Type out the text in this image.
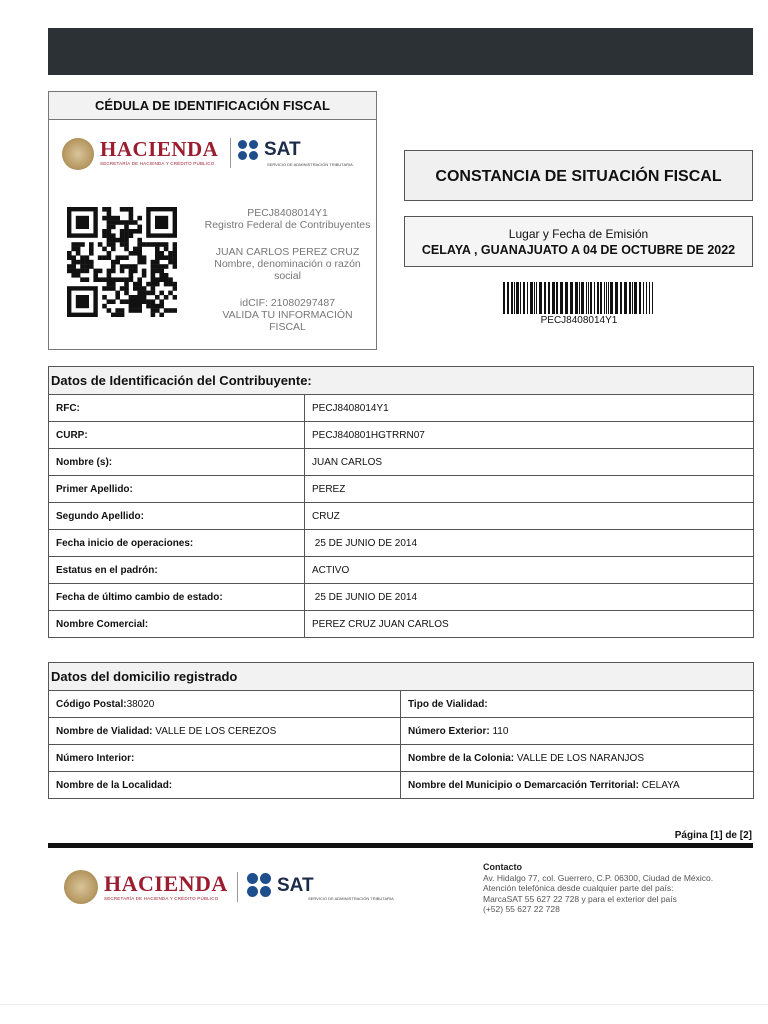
CÉDULA DE IDENTIFICACIÓN FISCAL
HACIENDA
SECRETARÍA DE HACIENDA Y CRÉDITO PÚBLICO
SAT
SERVICIO DE ADMINISTRACIÓN TRIBUTARIA
PECJ8408014Y1
Registro Federal de Contribuyentes
JUAN CARLOS PEREZ CRUZ
Nombre, denominación o razón
social
idCIF: 21080297487
VALIDA TU INFORMACIÓN
FISCAL
CONSTANCIA DE SITUACIÓN FISCAL
Lugar y Fecha de Emisión
CELAYA , GUANAJUATO A 04 DE OCTUBRE DE 2022
PECJ8408014Y1
Datos de Identificación del Contribuyente:	
RFC:	PECJ8408014Y1
CURP:	PECJ840801HGTRRN07
Nombre (s):	JUAN CARLOS
Primer Apellido:	PEREZ
Segundo Apellido:	CRUZ
Fecha inicio de operaciones:	25 DE JUNIO DE 2014
Estatus en el padrón:	ACTIVO
Fecha de último cambio de estado:	25 DE JUNIO DE 2014
Nombre Comercial:	PEREZ CRUZ JUAN CARLOS
Datos del domicilio registrado	
Código Postal:38020	Tipo de Vialidad:
Nombre de Vialidad: VALLE DE LOS CEREZOS	Número Exterior: 110
Número Interior:	Nombre de la Colonia: VALLE DE LOS NARANJOS
Nombre de la Localidad:	Nombre del Municipio o Demarcación Territorial: CELAYA
Página [1] de [2]
HACIENDA
SECRETARÍA DE HACIENDA Y CRÉDITO PÚBLICO
SAT
SERVICIO DE ADMINISTRACIÓN TRIBUTARIA
Contacto
Av. Hidalgo 77, col. Guerrero, C.P. 06300, Ciudad de México.
Atención telefónica desde cualquier parte del país:
MarcaSAT 55 627 22 728 y para el exterior del país
(+52) 55 627 22 728
